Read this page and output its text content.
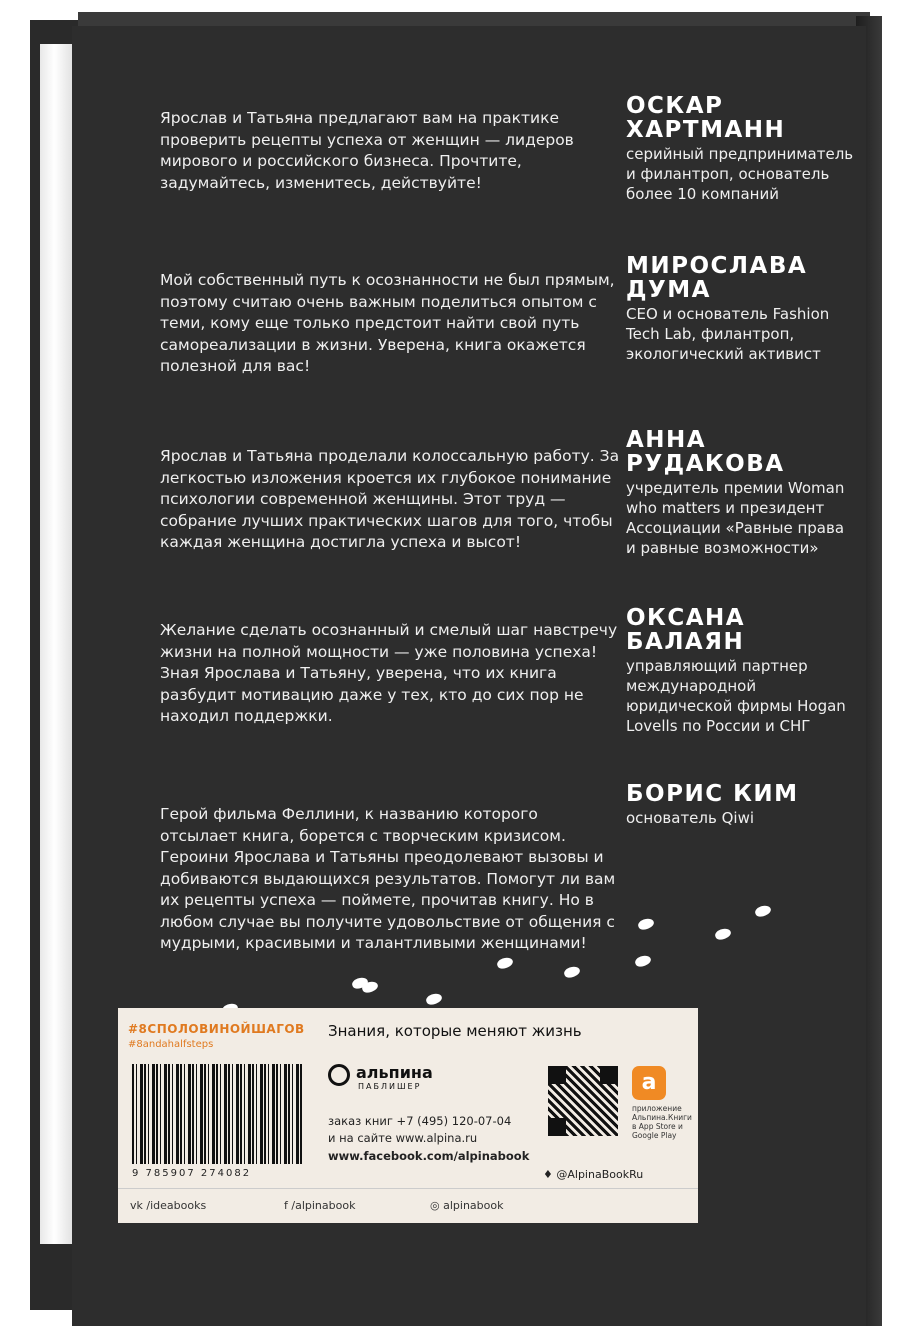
Ярослав и Татьяна предлагают вам на практике проверить рецепты успеха от женщин — лидеров мирового и российского бизнеса. Прочтите, задумайтесь, изменитесь, действуйте!
ОСКАР ХАРТМАНН
серийный предприниматель и филантроп, основатель более 10 компаний
Мой собственный путь к осознанности не был прямым, поэтому считаю очень важным поделиться опытом с теми, кому еще только предстоит найти свой путь самореализации в жизни. Уверена, книга окажется полезной для вас!
МИРОСЛАВА ДУМА
CEO и основатель Fashion Tech Lab, филантроп, экологический активист
Ярослав и Татьяна проделали колоссальную работу. За легкостью изложения кроется их глубокое понимание психологии современной женщины. Этот труд — собрание лучших практических шагов для того, чтобы каждая женщина достигла успеха и высот!
АННА РУДАКОВА
учредитель премии Woman who matters и президент Ассоциации «Равные права и равные возможности»
Желание сделать осознанный и смелый шаг навстречу жизни на полной мощности — уже половина успеха! Зная Ярослава и Татьяну, уверена, что их книга разбудит мотивацию даже у тех, кто до сих пор не находил поддержки.
ОКСАНА БАЛАЯН
управляющий партнер международной юридической фирмы Hogan Lovells по России и СНГ
Герой фильма Феллини, к названию которого отсылает книга, борется с творческим кризисом. Героини Ярослава и Татьяны преодолевают вызовы и добиваются выдающихся результатов. Помогут ли вам их рецепты успеха — поймете, прочитав книгу. Но в любом случае вы получите удовольствие от общения с мудрыми, красивыми и талантливыми женщинами!
БОРИС КИМ
основатель Qiwi
#8СПОЛОВИНОЙШАГОВ
#8andahalfsteps
9 785907 274082
Знания, которые меняют жизнь
альпина
ПАБЛИШЕР
заказ книг +7 (495) 120-07-04
и на сайте www.alpina.ru
www.facebook.com/alpinabook
a
приложение Альпина.Книги в App Store и Google Play
♦ @AlpinaBookRu
vk /ideabooks	f /alpinabook	◎ alpinabook
